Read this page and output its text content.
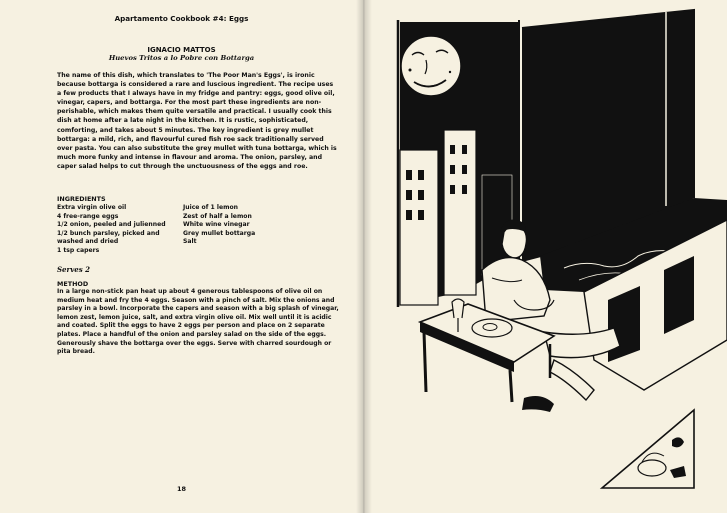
Apartamento Cookbook #4: Eggs
IGNACIO MATTOS
Huevos Tritos a lo Pobre con Bottarga

The name of this dish, which translates to 'The Poor Man's Eggs', is ironic because bottarga is considered a rare and luscious ingredient. The recipe uses a few products that I always have in my fridge and pantry: eggs, good olive oil, vinegar, capers, and bottarga. For the most part these ingredients are non-perishable, which makes them quite versatile and practical. I usually cook this dish at home after a late night in the kitchen. It is rustic, sophisticated, comforting, and takes about 5 minutes. The key ingredient is grey mullet bottarga: a mild, rich, and flavourful cured fish roe sack traditionally served over pasta. You can also substitute the grey mullet with tuna bottarga, which is much more funky and intense in flavour and aroma. The onion, parsley, and caper salad helps to cut through the unctuousness of the eggs and roe.

INGREDIENTS
Extra virgin olive oil
4 free-range eggs
1/2 onion, peeled and julienned
1/2 bunch parsley, picked and
washed and dried
1 tsp capers
Juice of 1 lemon
Zest of half a lemon
White wine vinegar
Grey mullet bottarga
Salt
Serves 2
METHOD

In a large non-stick pan heat up about 4 generous tablespoons of olive oil on medium heat and fry the 4 eggs. Season with a pinch of salt. Mix the onions and parsley in a bowl. Incorporate the capers and season with a big splash of vinegar, lemon zest, lemon juice, salt, and extra virgin olive oil. Mix well until it is acidic and coated. Split the eggs to have 2 eggs per person and place on 2 separate plates. Place a handful of the onion and parsley salad on the side of the eggs. Generously shave the bottarga over the eggs. Serve with charred sourdough or pita bread.

18
